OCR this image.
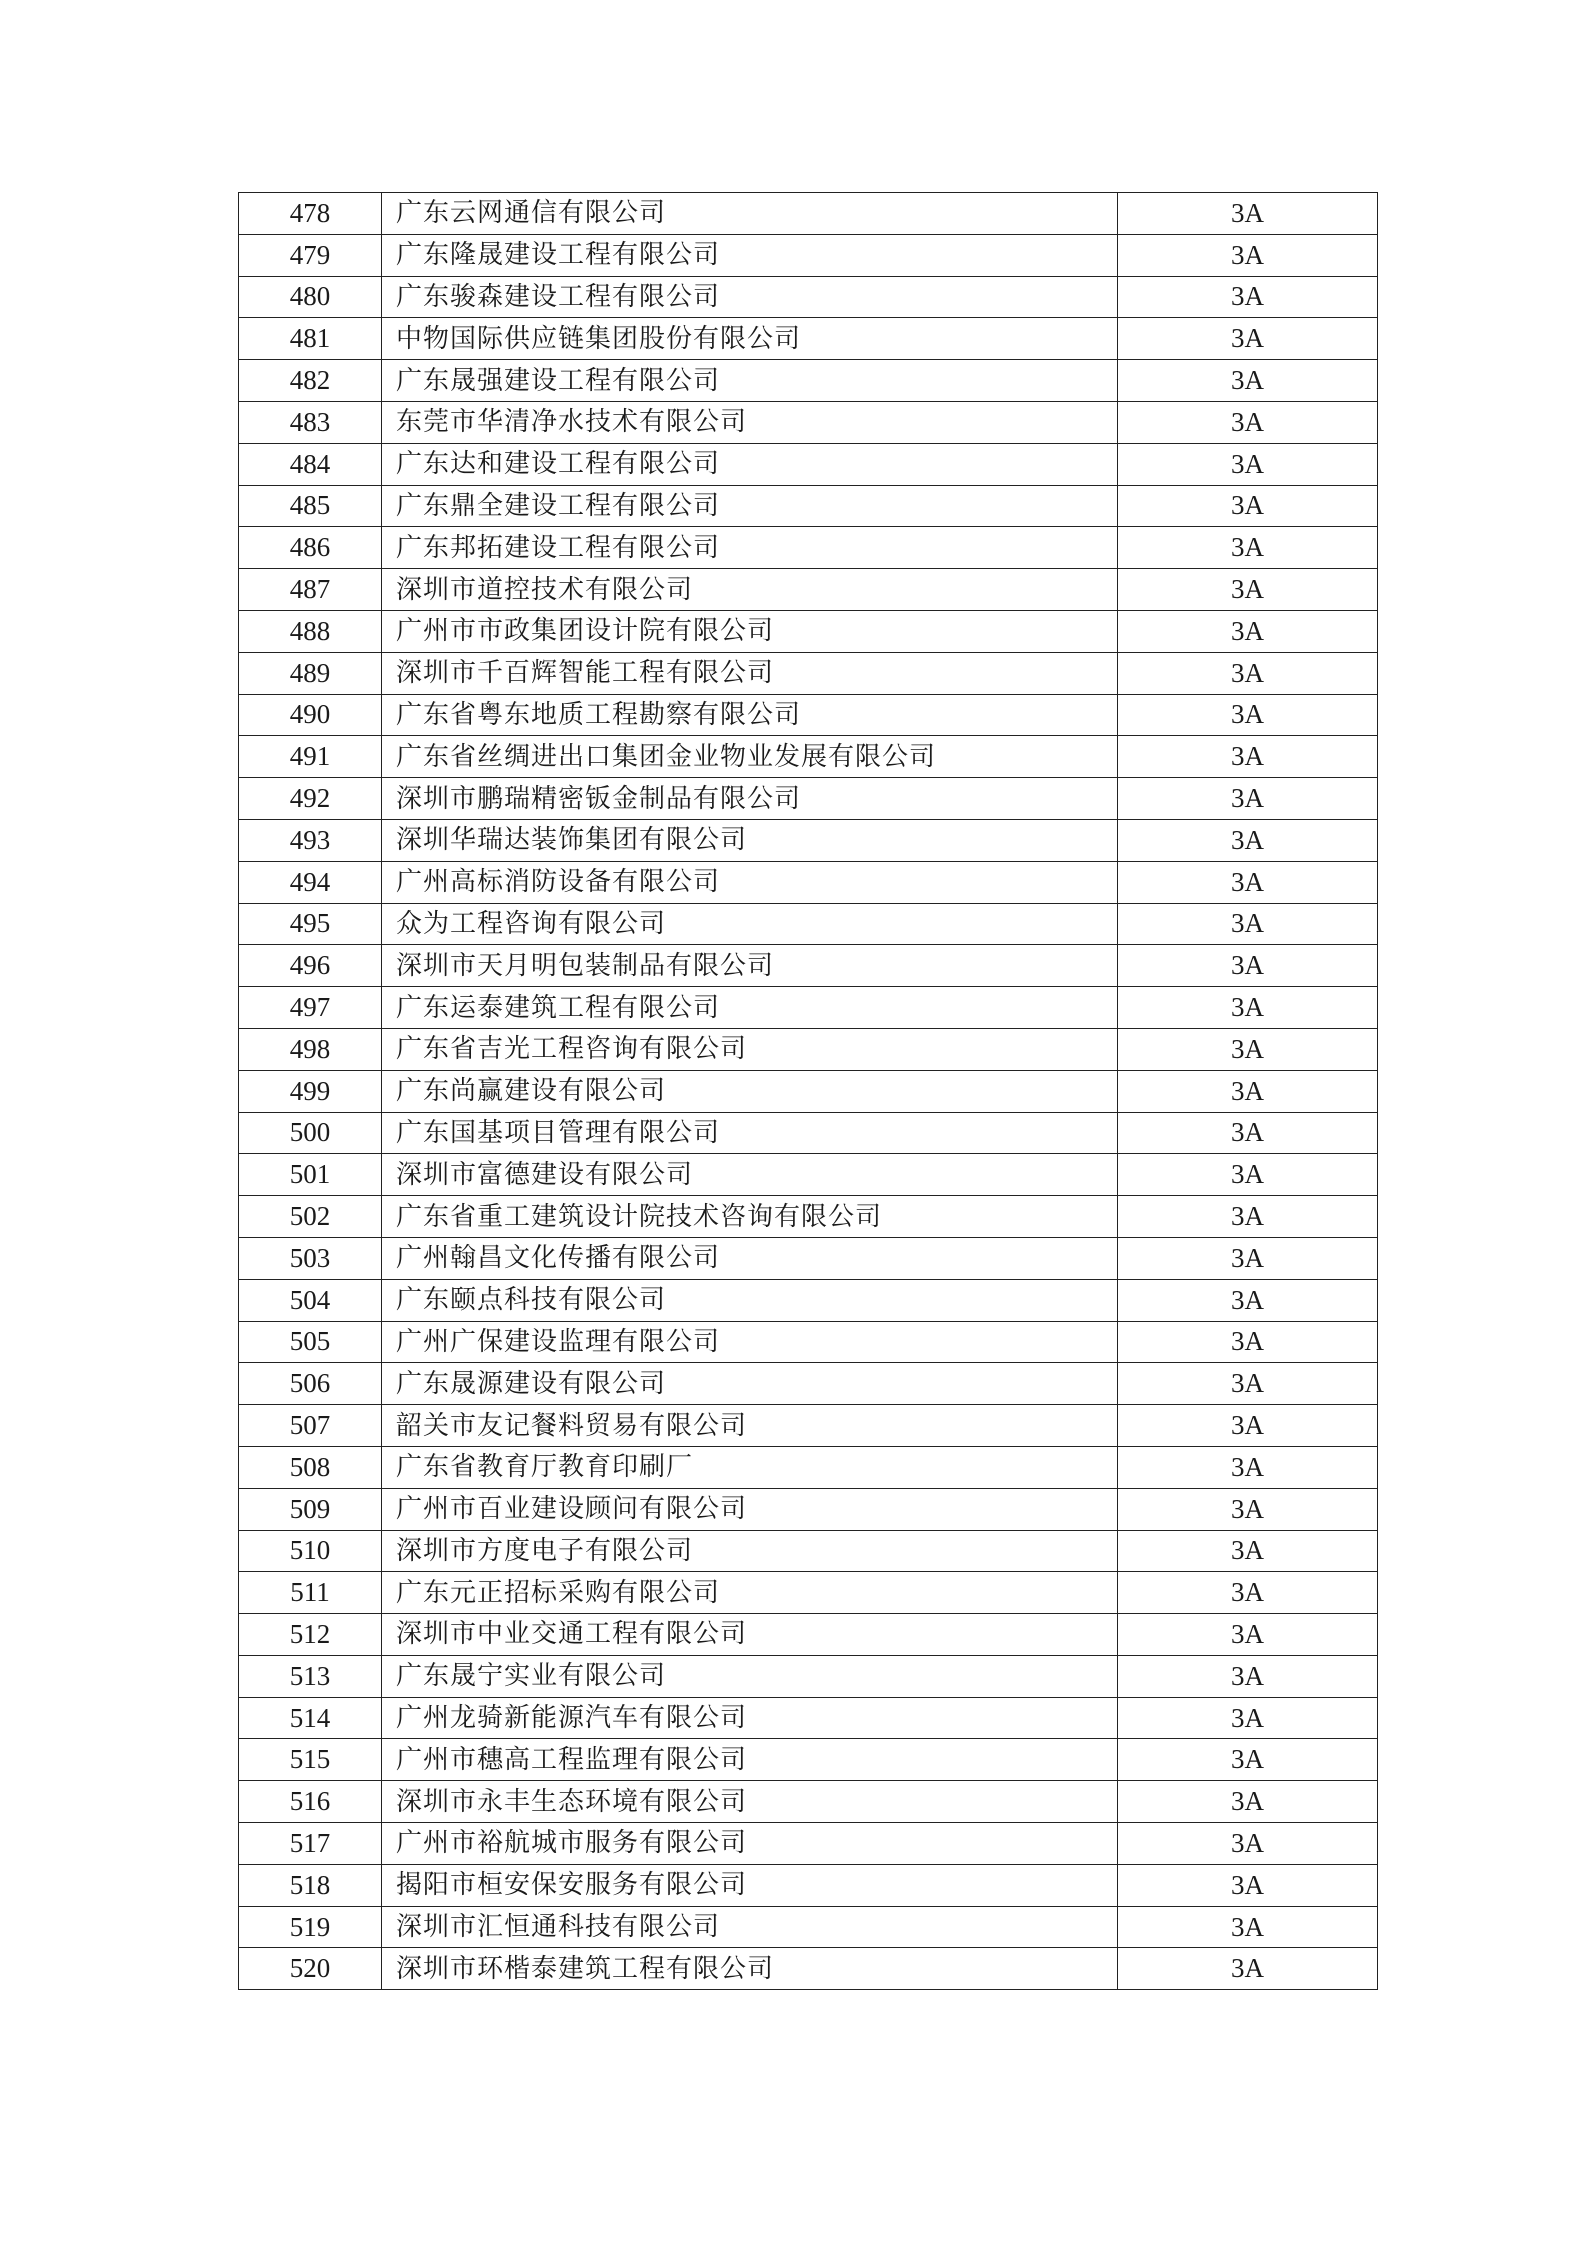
478	广东云网通信有限公司	3A
479	广东隆晟建设工程有限公司	3A
480	广东骏森建设工程有限公司	3A
481	中物国际供应链集团股份有限公司	3A
482	广东晟强建设工程有限公司	3A
483	东莞市华清净水技术有限公司	3A
484	广东达和建设工程有限公司	3A
485	广东鼎全建设工程有限公司	3A
486	广东邦拓建设工程有限公司	3A
487	深圳市道控技术有限公司	3A
488	广州市市政集团设计院有限公司	3A
489	深圳市千百辉智能工程有限公司	3A
490	广东省粤东地质工程勘察有限公司	3A
491	广东省丝绸进出口集团金业物业发展有限公司	3A
492	深圳市鹏瑞精密钣金制品有限公司	3A
493	深圳华瑞达装饰集团有限公司	3A
494	广州高标消防设备有限公司	3A
495	众为工程咨询有限公司	3A
496	深圳市天月明包装制品有限公司	3A
497	广东运泰建筑工程有限公司	3A
498	广东省吉光工程咨询有限公司	3A
499	广东尚赢建设有限公司	3A
500	广东国基项目管理有限公司	3A
501	深圳市富德建设有限公司	3A
502	广东省重工建筑设计院技术咨询有限公司	3A
503	广州翰昌文化传播有限公司	3A
504	广东颐点科技有限公司	3A
505	广州广保建设监理有限公司	3A
506	广东晟源建设有限公司	3A
507	韶关市友记餐料贸易有限公司	3A
508	广东省教育厅教育印刷厂	3A
509	广州市百业建设顾问有限公司	3A
510	深圳市方度电子有限公司	3A
511	广东元正招标采购有限公司	3A
512	深圳市中业交通工程有限公司	3A
513	广东晟宁实业有限公司	3A
514	广州龙骑新能源汽车有限公司	3A
515	广州市穗高工程监理有限公司	3A
516	深圳市永丰生态环境有限公司	3A
517	广州市裕航城市服务有限公司	3A
518	揭阳市桓安保安服务有限公司	3A
519	深圳市汇恒通科技有限公司	3A
520	深圳市环楷泰建筑工程有限公司	3A
